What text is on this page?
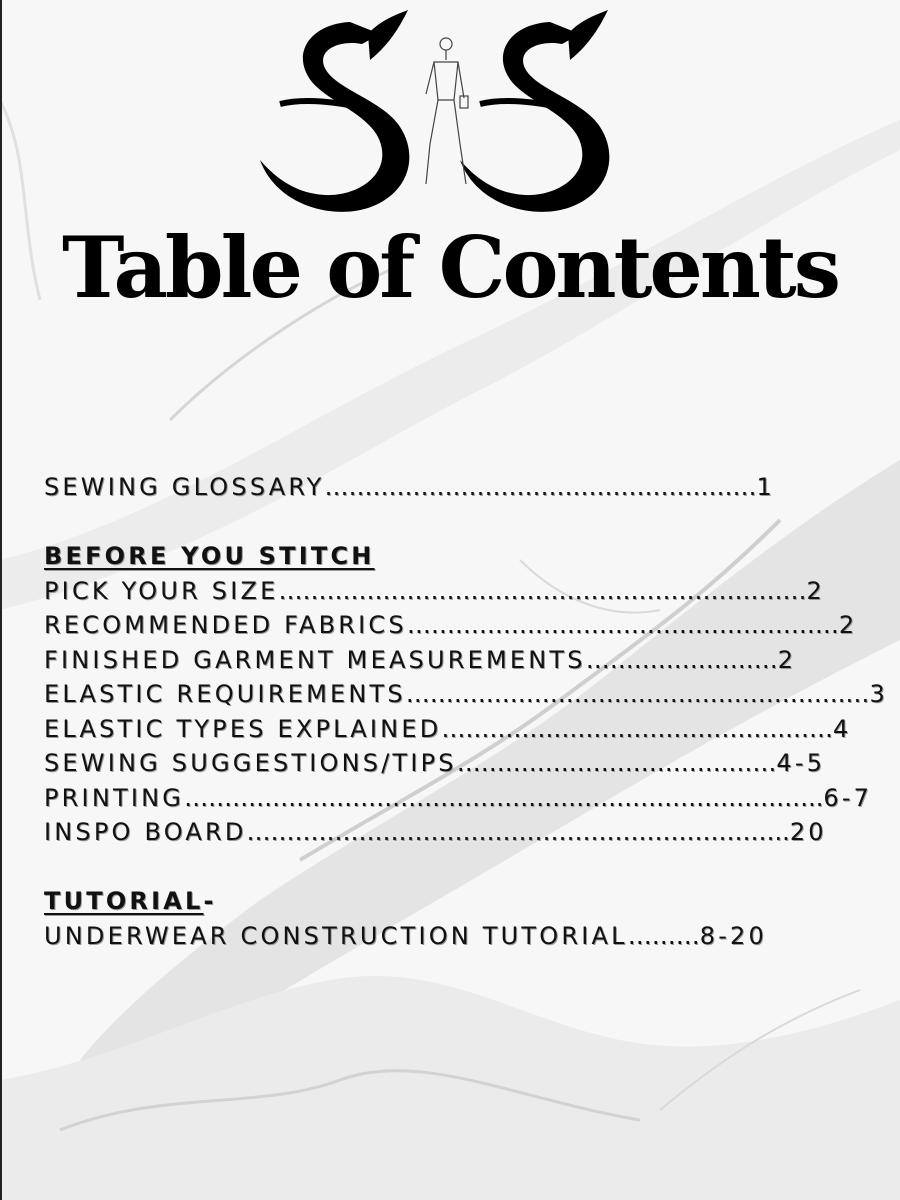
Table of Contents
SEWING GLOSSARY………………………………………………1
BEFORE YOU STITCH
PICK YOUR SIZE…………………………………………………………2
RECOMMENDED FABRICS………………………………………………2
FINISHED GARMENT MEASUREMENTS……………………2
ELASTIC REQUIREMENTS……………………………………………….…3
ELASTIC TYPES EXPLAINED…………………………………….……4
SEWING SUGGESTIONS/TIPS…………………………….……4-5
PRINTING……………………………………………………………………..6-7
INSPO BOARD…………………………………………………………..20
TUTORIAL-
UNDERWEAR CONSTRUCTION TUTORIAL………8-20
